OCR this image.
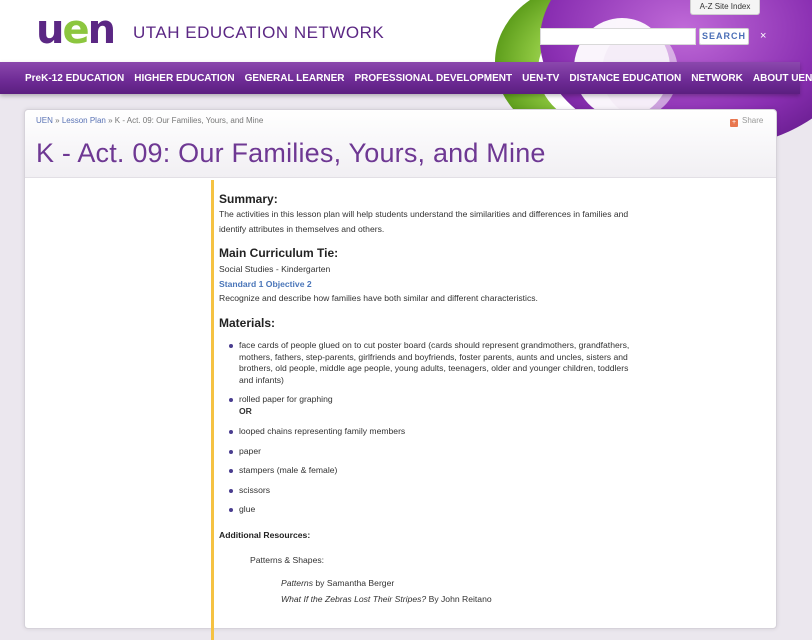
uen UTAH EDUCATION NETWORK
A-Z Site Index
SEARCH ×
PreK-12 EDUCATION HIGHER EDUCATION GENERAL LEARNER PROFESSIONAL DEVELOPMENT UEN-TV DISTANCE EDUCATION NETWORK ABOUT UEN
UEN » Lesson Plan » K - Act. 09: Our Families, Yours, and Mine	+ Share
K - Act. 09: Our Families, Yours, and Mine
Summary:
The activities in this lesson plan will help students understand the similarities and differences in families and
identify attributes in themselves and others.
Main Curriculum Tie:
Social Studies - Kindergarten
Standard 1 Objective 2
Recognize and describe how families have both similar and different characteristics.
Materials:
face cards of people glued on to cut poster board (cards should represent grandmothers, grandfathers,
mothers, fathers, step-parents, girlfriends and boyfriends, foster parents, aunts and uncles, sisters and
brothers, old people, middle age people, young adults, teenagers, older and younger children, toddlers
and infants)
rolled paper for graphing
OR
looped chains representing family members
paper
stampers (male & female)
scissors
glue
Additional Resources:
Patterns & Shapes:
Patterns by Samantha Berger
What If the Zebras Lost Their Stripes? By John Reitano
